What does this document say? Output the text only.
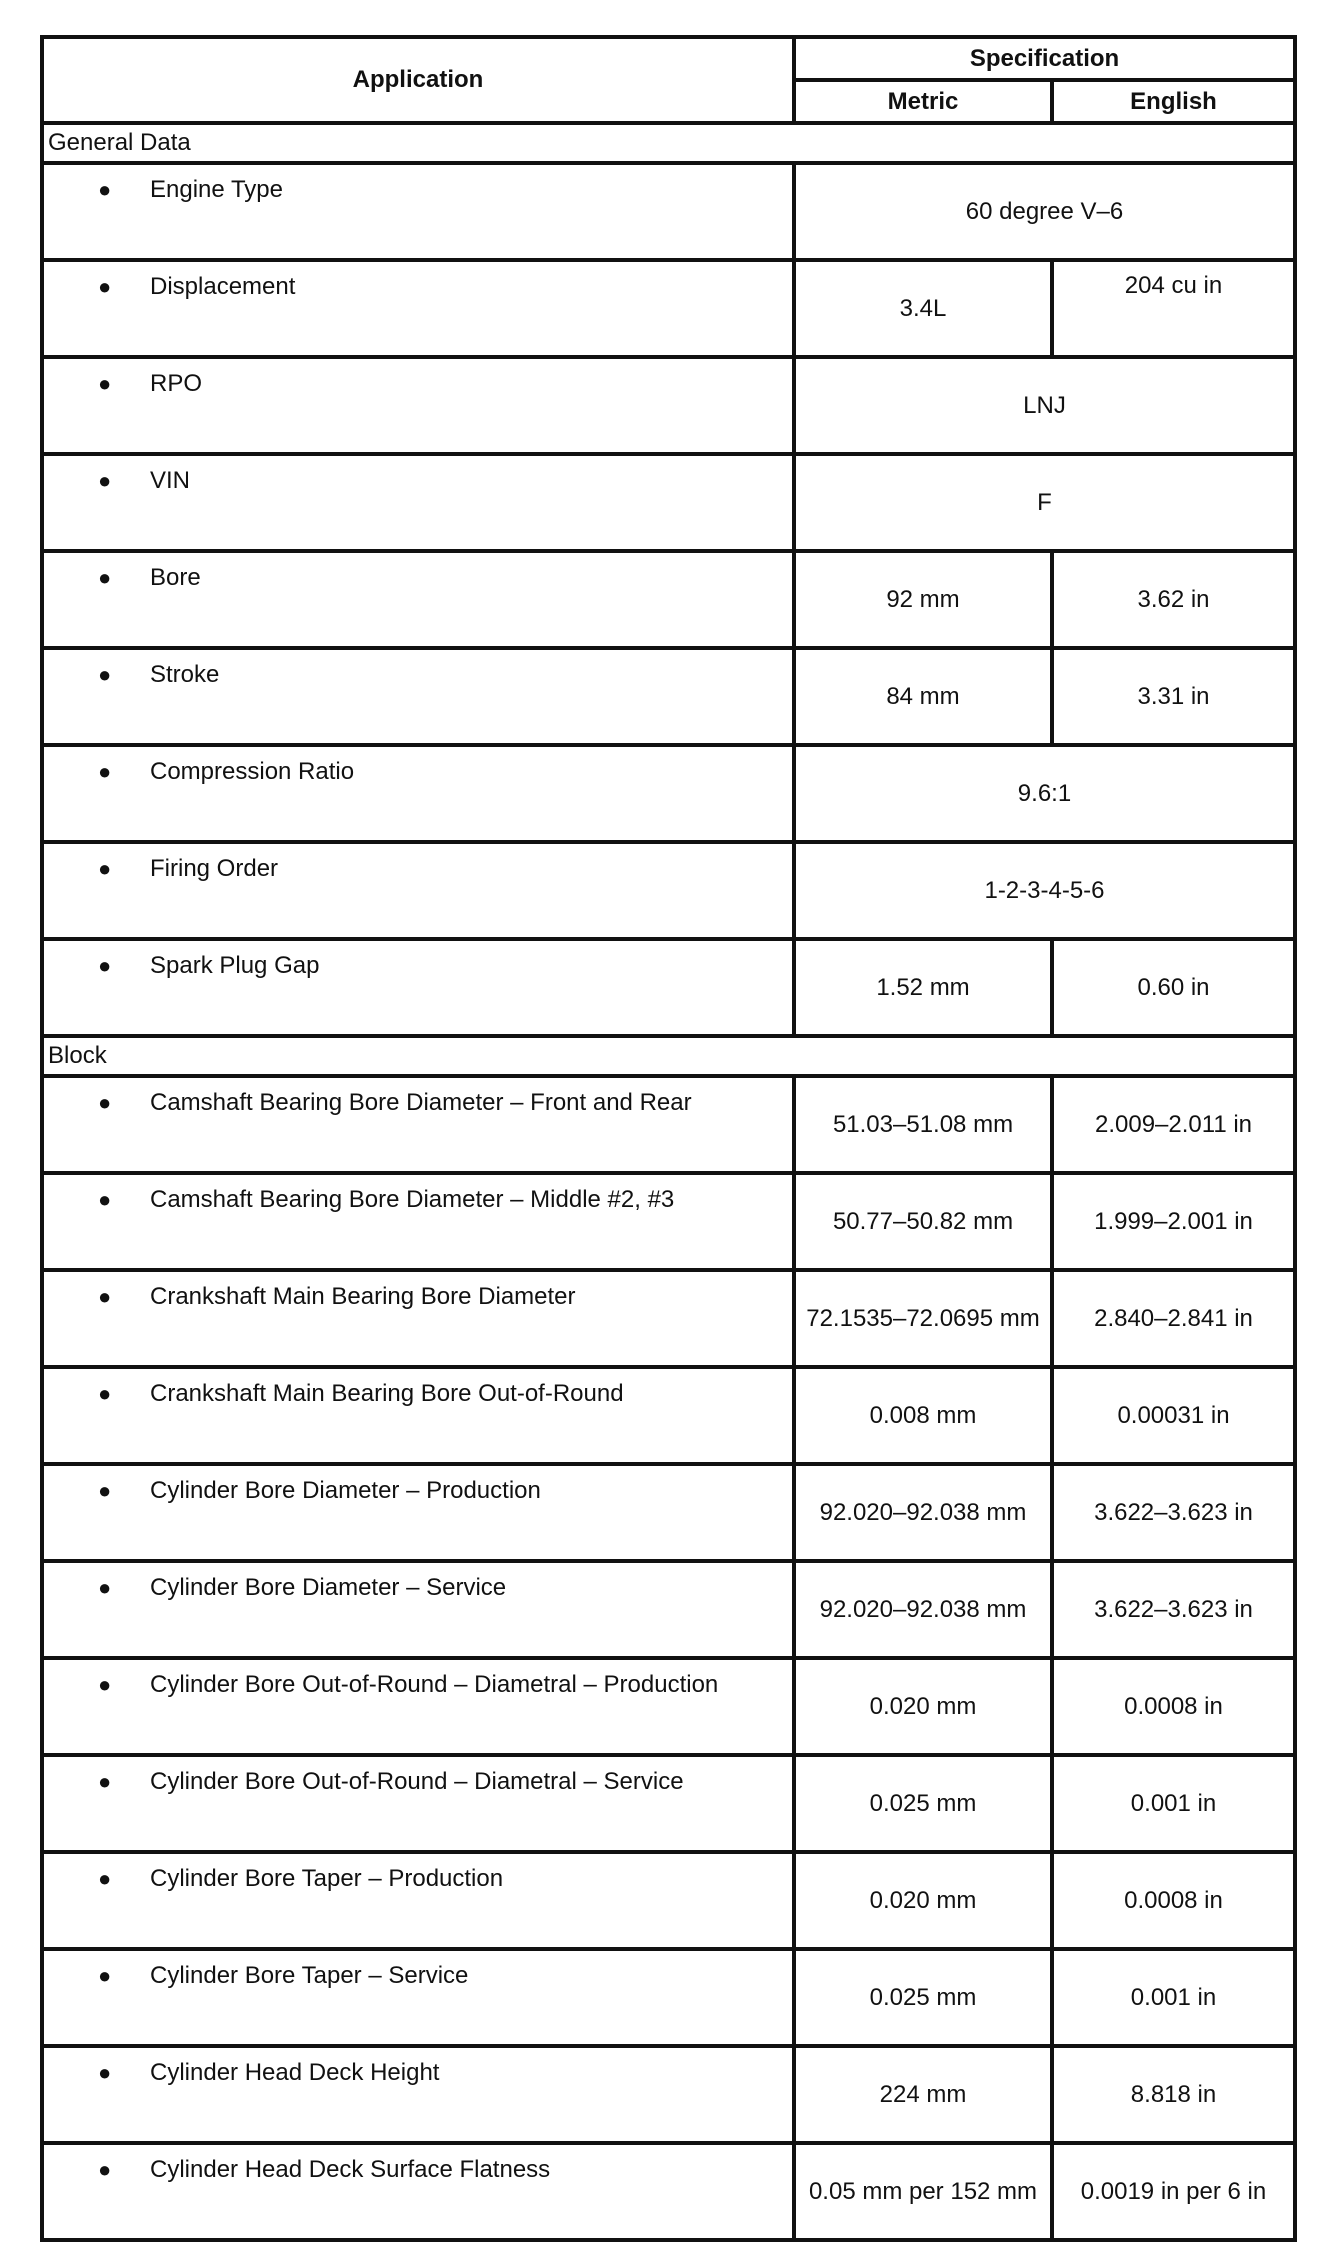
Application	Specification	
	Metric	English
General Data		

● Engine Type	60 degree V–6	

● Displacement	3.4L	204 cu in

● RPO	LNJ	

● VIN	F	

● Bore	92 mm	3.62 in

● Stroke	84 mm	3.31 in

● Compression Ratio	9.6:1	

● Firing Order	1-2-3-4-5-6	

● Spark Plug Gap	1.52 mm	0.60 in
Block		

● Camshaft Bearing Bore Diameter – Front and Rear	51.03–51.08 mm	2.009–2.011 in

● Camshaft Bearing Bore Diameter – Middle #2, #3	50.77–50.82 mm	1.999–2.001 in

● Crankshaft Main Bearing Bore Diameter	72.1535–72.0695 mm	2.840–2.841 in

● Crankshaft Main Bearing Bore Out-of-Round	0.008 mm	0.00031 in

● Cylinder Bore Diameter – Production	92.020–92.038 mm	3.622–3.623 in

● Cylinder Bore Diameter – Service	92.020–92.038 mm	3.622–3.623 in

● Cylinder Bore Out-of-Round – Diametral – Production	0.020 mm	0.0008 in

● Cylinder Bore Out-of-Round – Diametral – Service	0.025 mm	0.001 in

● Cylinder Bore Taper – Production	0.020 mm	0.0008 in

● Cylinder Bore Taper – Service	0.025 mm	0.001 in

● Cylinder Head Deck Height	224 mm	8.818 in

● Cylinder Head Deck Surface Flatness	0.05 mm per 152 mm	0.0019 in per 6 in
